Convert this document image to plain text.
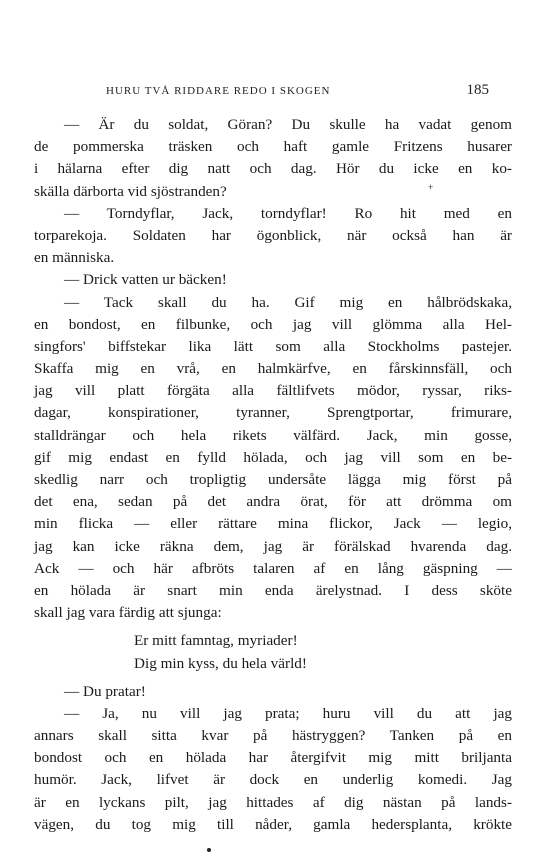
HURU TVÅ RIDDARE REDO I SKOGEN	185
+
— Är du soldat, Göran? Du skulle ha vadat genom
de pommerska träsken och haft gamle Fritzens husarer
i hälarna efter dig natt och dag. Hör du icke en ko-
skälla därborta vid sjöstranden?
— Torndyflar, Jack, torndyflar! Ro hit med en
torparekoja. Soldaten har ögonblick, när också han är
en människa.
— Drick vatten ur bäcken!
— Tack skall du ha. Gif mig en hålbrödskaka,
en bondost, en filbunke, och jag vill glömma alla Hel-
singfors' biffstekar lika lätt som alla Stockholms pastejer.
Skaffa mig en vrå, en halmkärfve, en fårskinnsfäll, och
jag vill platt förgäta alla fältlifvets mödor, ryssar, riks-
dagar, konspirationer, tyranner, Sprengtportar, frimurare,
stalldrängar och hela rikets välfärd. Jack, min gosse,
gif mig endast en fylld hölada, och jag vill som en be-
skedlig narr och tropligtig undersåte lägga mig först på
det ena, sedan på det andra örat, för att drömma om
min flicka — eller rättare mina flickor, Jack — legio,
jag kan icke räkna dem, jag är förälskad hvarenda dag.
Ack — och här afbröts talaren af en lång gäspning —
en hölada är snart min enda ärelystnad. I dess sköte
skall jag vara färdig att sjunga:
Er mitt famntag, myriader!
Dig min kyss, du hela värld!
— Du pratar!
— Ja, nu vill jag prata; huru vill du att jag
annars skall sitta kvar på hästryggen? Tanken på en
bondost och en hölada har återgifvit mig mitt briljanta
humör. Jack, lifvet är dock en underlig komedi. Jag
är en lyckans pilt, jag hittades af dig nästan på lands-
vägen, du tog mig till nåder, gamla hedersplanta, krökte
